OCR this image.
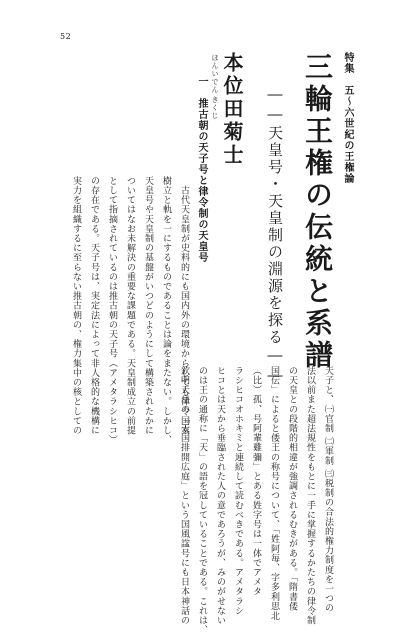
52
特集　五～六世紀の王権論
三輪王権の伝統と系譜
――天皇号・天皇制の淵源を探る――
ほんいでん
きくじ 本位田菊士
一　推古朝の天子号と律令制の天皇号
　古代天皇制が史料的にも国内外の環境からしても律令国家
樹立と軌を一にするものであることは論をまたない。しかし、
天皇号や天皇制の基盤がいつどのようにして構築されたかに
ついてはなお未解決の重要な課題である。天皇制成立の前提
として指摘されているのは推古朝の天子号（アメタラシヒコ）
の存在である。天子号は、実定法によって非人格的な機構に
実力を組織するに至らない推古朝の、権力集中の核としての
天子と、㈠官制 ㈡軍制 ㈢税制の合法的権力制度を一つの
法以前また超法規性をもとに一手に掌握するかたちの律令制
の天皇との段階的相違が強調されるむきがある。「隋書倭
国伝」によると倭王の称号について、「姓阿毎、字多利思北
（比）孤、号阿輩雞彌」とある姓字号は一体でアメタ
ラシヒコオホキミと連続して読むべきである。アメタラシ
ヒコとは天から垂臨された人の意であろうが、みのがせない
のは王の通称に「天」の語を冠していることである。これは、
欽明天皇の「天国排開広庭」という国風諡号にも日本神話の
